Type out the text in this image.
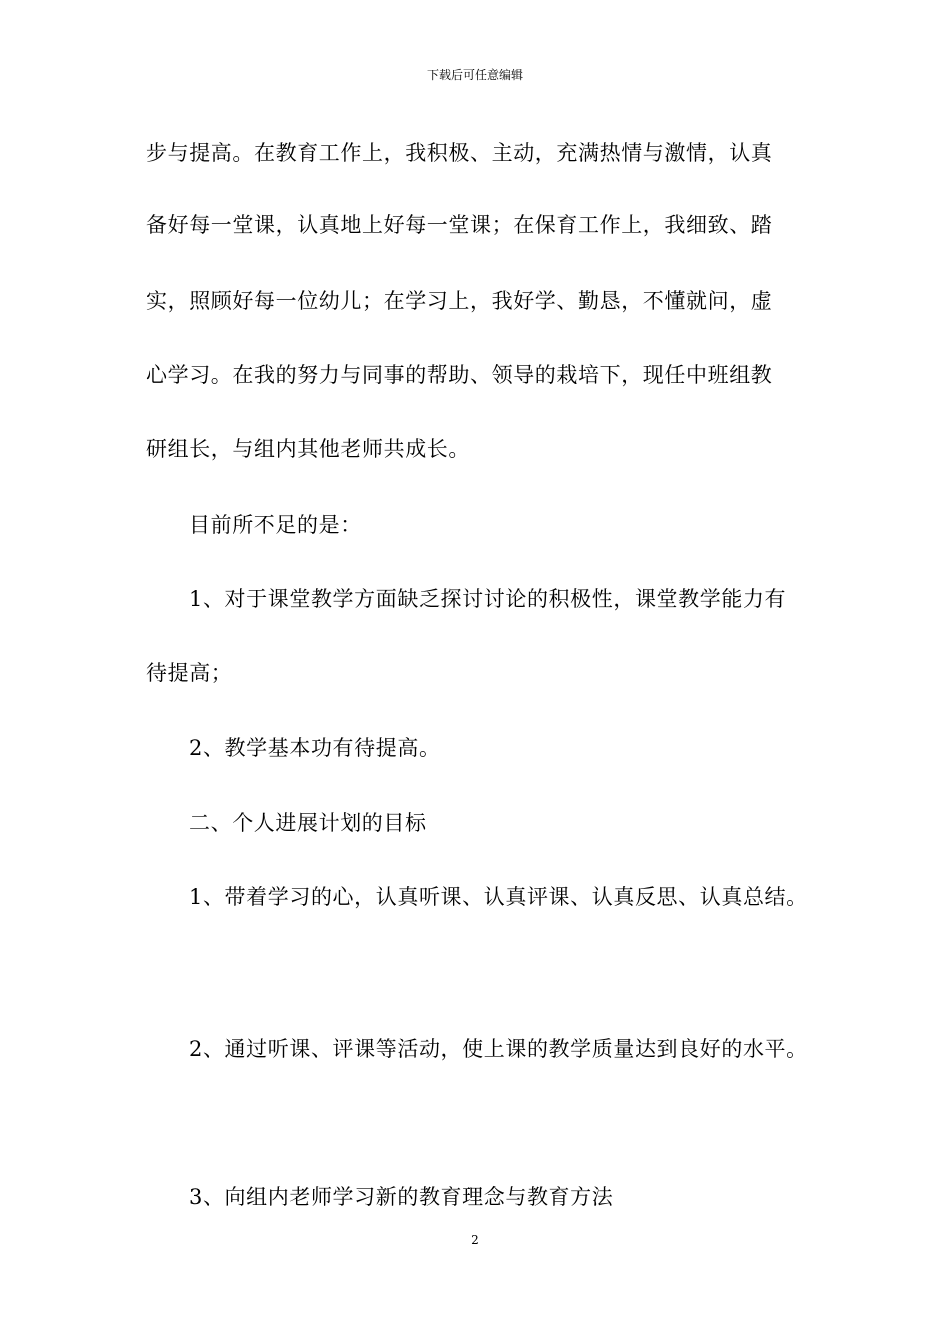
下载后可任意编辑
步与提高。在教育工作上，我积极、主动，充满热情与激情，认真
备好每一堂课，认真地上好每一堂课；在保育工作上，我细致、踏
实，照顾好每一位幼儿；在学习上，我好学、勤恳，不懂就问，虚
心学习。在我的努力与同事的帮助、领导的栽培下，现任中班组教
研组长，与组内其他老师共成长。
目前所不足的是：
1、对于课堂教学方面缺乏探讨讨论的积极性，课堂教学能力有
待提高；
2、教学基本功有待提高。
二、个人进展计划的目标
1、带着学习的心，认真听课、认真评课、认真反思、认真总结。
2、通过听课、评课等活动，使上课的教学质量达到良好的水平。
3、向组内老师学习新的教育理念与教育方法
2
